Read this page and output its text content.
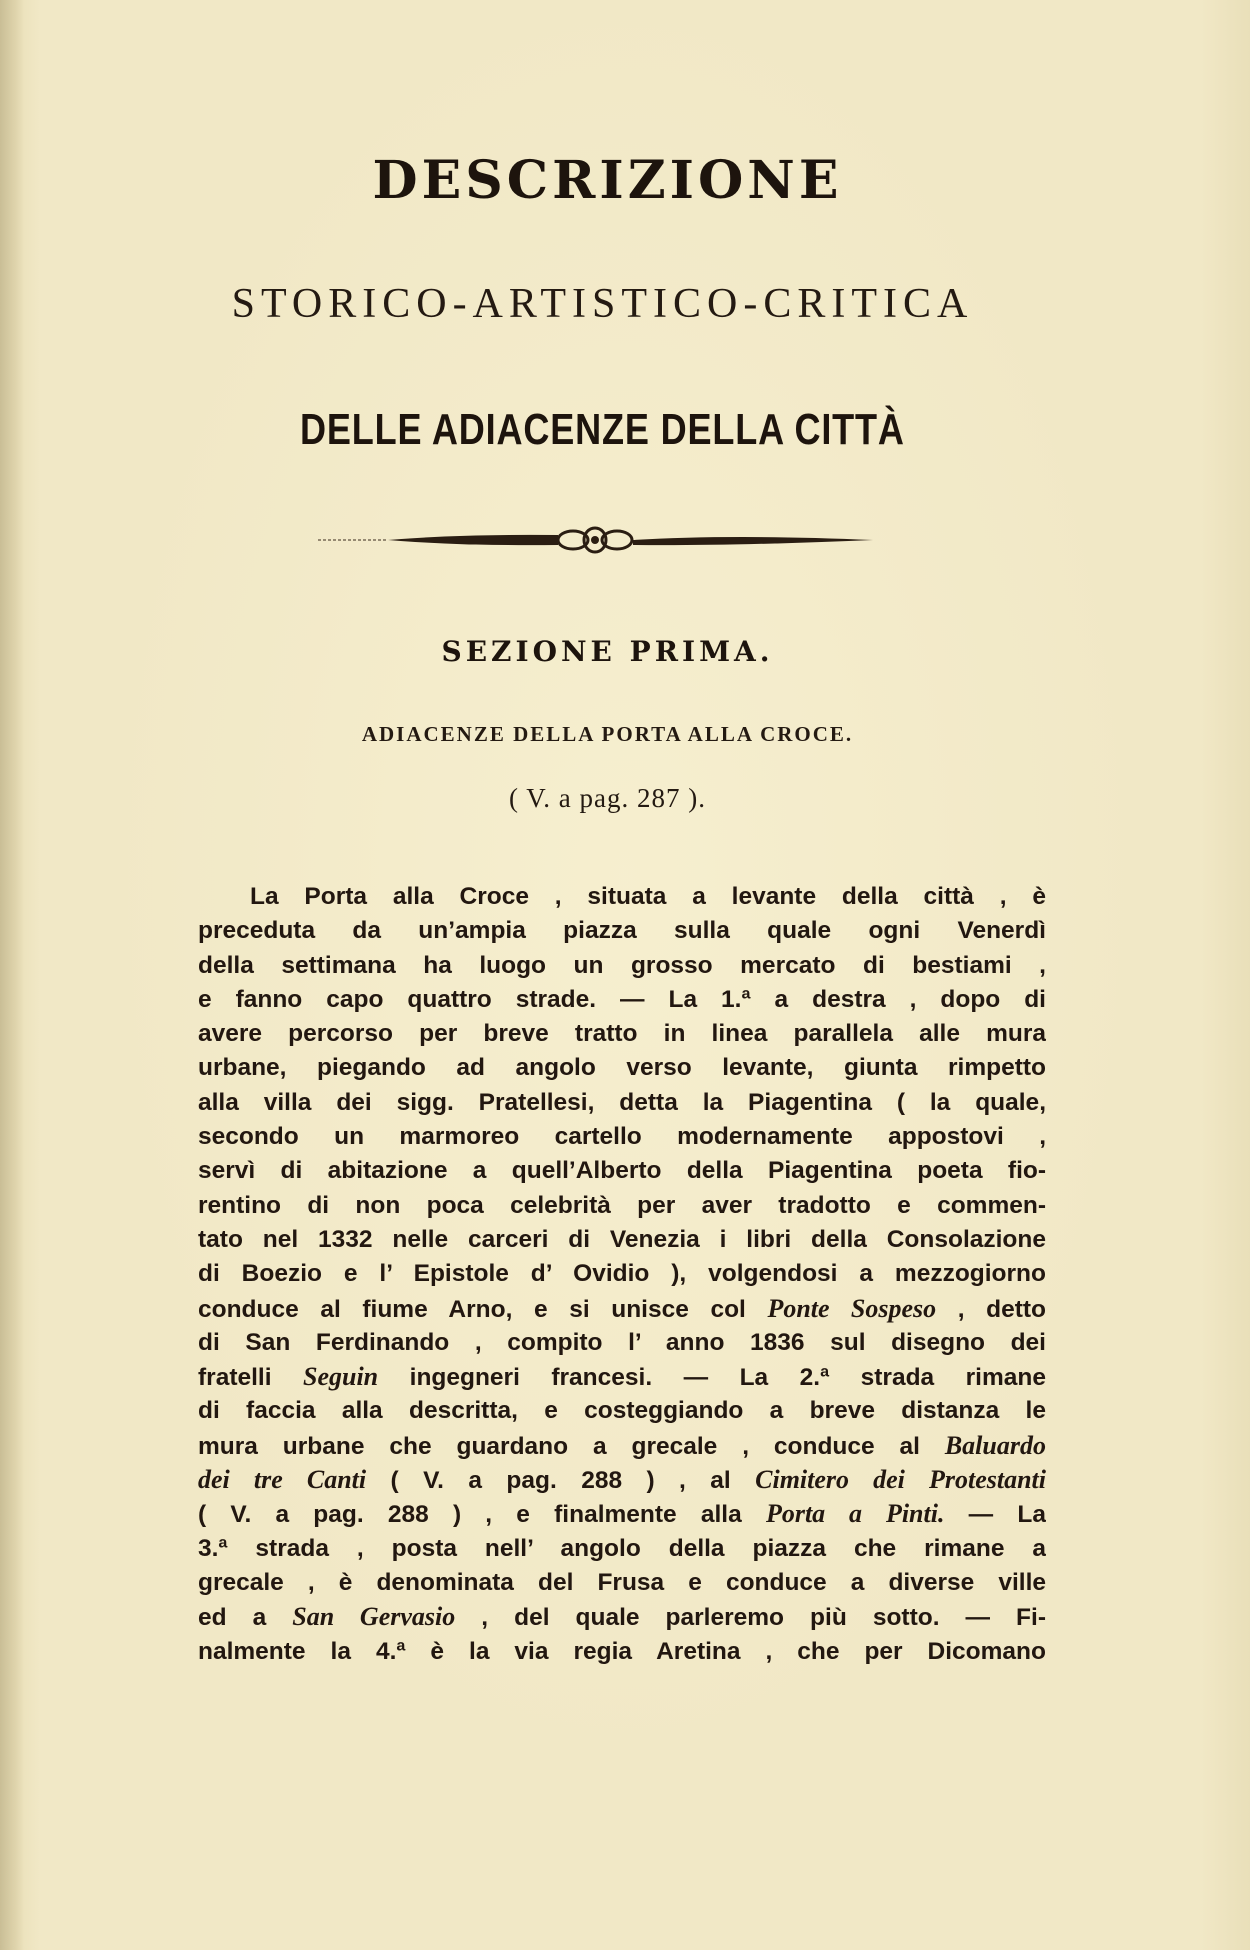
DESCRIZIONE
STORICO-ARTISTICO-CRITICA
DELLE ADIACENZE DELLA CITTÀ
SEZIONE PRIMA.
ADIACENZE DELLA PORTA ALLA CROCE.
( V. a pag. 287 ).
La Porta alla Croce , situata a levante della città , è
preceduta da un’ampia piazza sulla quale ogni Venerdì
della settimana ha luogo un grosso mercato di bestiami ,
e fanno capo quattro strade. — La 1.ª a destra , dopo di
avere percorso per breve tratto in linea parallela alle mura
urbane, piegando ad angolo verso levante, giunta rimpetto
alla villa dei sigg. Pratellesi, detta la Piagentina ( la quale,
secondo un marmoreo cartello modernamente appostovi ,
servì di abitazione a quell’Alberto della Piagentina poeta fio-
rentino di non poca celebrità per aver tradotto e commen-
tato nel 1332 nelle carceri di Venezia i libri della Consolazione
di Boezio e l’ Epistole d’ Ovidio ), volgendosi a mezzogiorno
conduce al fiume Arno, e si unisce col Ponte Sospeso , detto
di San Ferdinando , compito l’ anno 1836 sul disegno dei
fratelli Seguin ingegneri francesi. — La 2.ª strada rimane
di faccia alla descritta, e costeggiando a breve distanza le
mura urbane che guardano a grecale , conduce al Baluardo
dei tre Canti ( V. a pag. 288 ) , al Cimitero dei Protestanti
( V. a pag. 288 ) , e finalmente alla Porta a Pinti. — La
3.ª strada , posta nell’ angolo della piazza che rimane a
grecale , è denominata del Frusa e conduce a diverse ville
ed a San Gervasio , del quale parleremo più sotto. — Fi-
nalmente la 4.ª è la via regia Aretina , che per Dicomano
